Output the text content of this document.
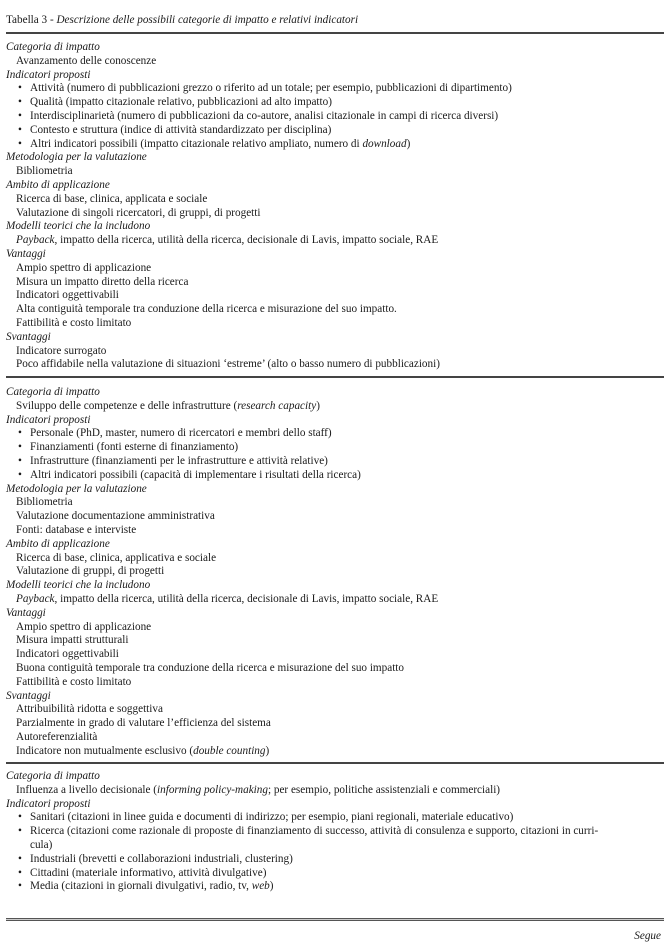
Tabella 3 - Descrizione delle possibili categorie di impatto e relativi indicatori
Categoria di impatto
Avanzamento delle conoscenze
Indicatori proposti
• Attività (numero di pubblicazioni grezzo o riferito ad un totale; per esempio, pubblicazioni di dipartimento)
• Qualità (impatto citazionale relativo, pubblicazioni ad alto impatto)
• Interdisciplinarietà (numero di pubblicazioni da co-autore, analisi citazionale in campi di ricerca diversi)
• Contesto e struttura (indice di attività standardizzato per disciplina)
• Altri indicatori possibili (impatto citazionale relativo ampliato, numero di download)
Metodologia per la valutazione
Bibliometria
Ambito di applicazione
Ricerca di base, clinica, applicata e sociale
Valutazione di singoli ricercatori, di gruppi, di progetti
Modelli teorici che la includono
Payback, impatto della ricerca, utilità della ricerca, decisionale di Lavis, impatto sociale, RAE
Vantaggi
Ampio spettro di applicazione
Misura un impatto diretto della ricerca
Indicatori oggettivabili
Alta contiguità temporale tra conduzione della ricerca e misurazione del suo impatto.
Fattibilità e costo limitato
Svantaggi
Indicatore surrogato
Poco affidabile nella valutazione di situazioni ‘estreme’ (alto o basso numero di pubblicazioni)
Categoria di impatto
Sviluppo delle competenze e delle infrastrutture (research capacity)
Indicatori proposti
• Personale (PhD, master, numero di ricercatori e membri dello staff)
• Finanziamenti (fonti esterne di finanziamento)
• Infrastrutture (finanziamenti per le infrastrutture e attività relative)
• Altri indicatori possibili (capacità di implementare i risultati della ricerca)
Metodologia per la valutazione
Bibliometria
Valutazione documentazione amministrativa
Fonti: database e interviste
Ambito di applicazione
Ricerca di base, clinica, applicativa e sociale
Valutazione di gruppi, di progetti
Modelli teorici che la includono
Payback, impatto della ricerca, utilità della ricerca, decisionale di Lavis, impatto sociale, RAE
Vantaggi
Ampio spettro di applicazione
Misura impatti strutturali
Indicatori oggettivabili
Buona contiguità temporale tra conduzione della ricerca e misurazione del suo impatto
Fattibilità e costo limitato
Svantaggi
Attribuibilità ridotta e soggettiva
Parzialmente in grado di valutare l’efficienza del sistema
Autoreferenzialità
Indicatore non mutualmente esclusivo (double counting)
Categoria di impatto
Influenza a livello decisionale (informing policy-making; per esempio, politiche assistenziali e commerciali)
Indicatori proposti
• Sanitari (citazioni in linee guida e documenti di indirizzo; per esempio, piani regionali, materiale educativo)
• Ricerca (citazioni come razionale di proposte di finanziamento di successo, attività di consulenza e supporto, citazioni in curri-
cula)
• Industriali (brevetti e collaborazioni industriali, clustering)
• Cittadini (materiale informativo, attività divulgative)
• Media (citazioni in giornali divulgativi, radio, tv, web)
Segue
